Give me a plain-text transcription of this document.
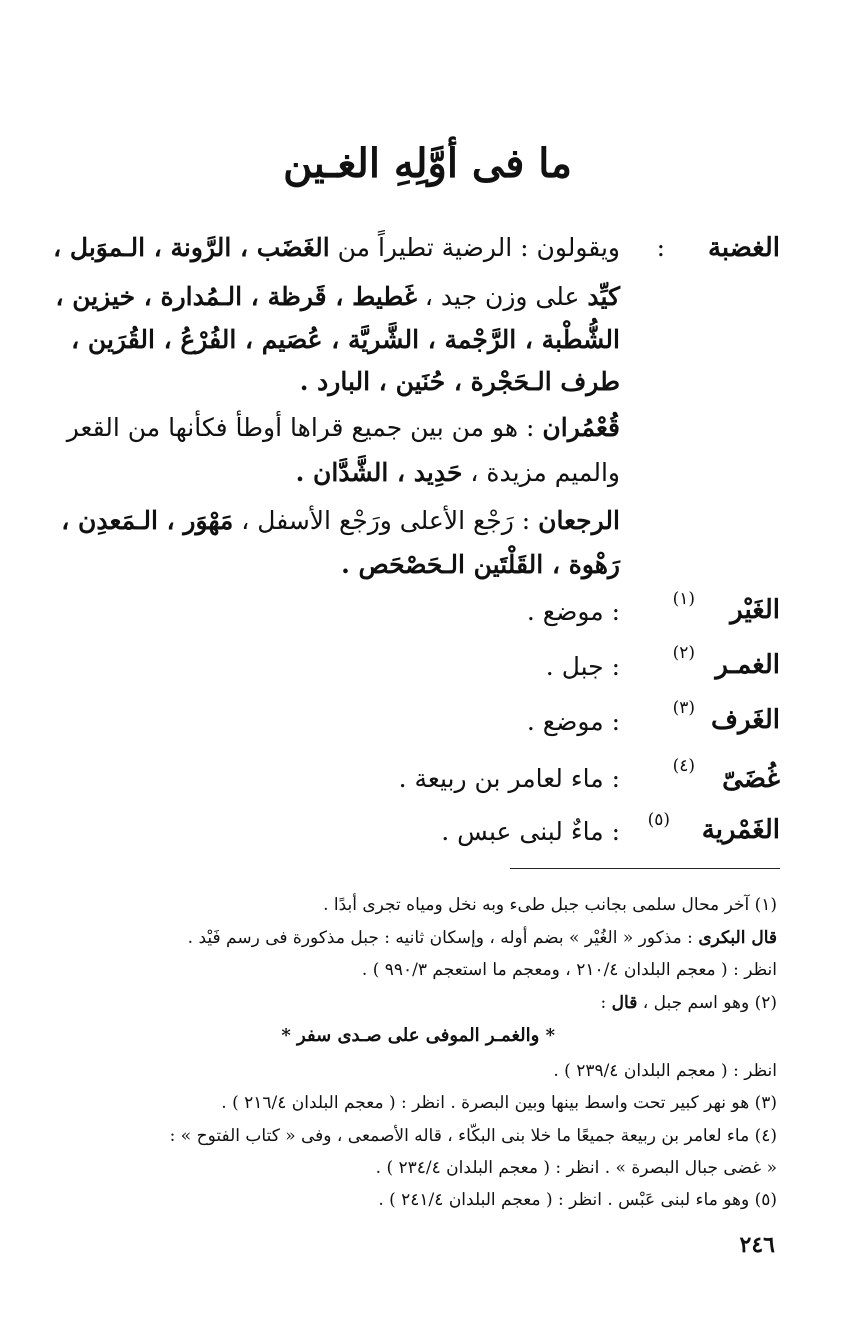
ما فى أوَّلِهِ الغـين
الغضبة
:
ويقولون : الرضية تطيراً من الغَضَب ، الرَّونة ، الـموَبل ،
كيِّد على وزن جيد ، غَطيط ، قَرظة ، الـمُدارة ، خيزين ،
الشُّطْبة ، الرَّجْمة ، الشَّريَّة ، عُصَيم ، الفُرْعُ ، القُرَين ،
طرف الـحَجْرة ، حُنَين ، البارد .
قُعْمُران : هو من بين جميع قراها أوطأ فكأنها من القعر
والميم مزيدة ، حَدِيد ، الشَّدَّان .
الرجعان : رَجْع الأعلى ورَجْع الأسفل ، مَهْوَر ، الـمَعدِن ،
رَهْوة ، القَلْتَين الـحَصْحَص .
الغَيْر
(١)
: موضع .
الغمـر
(٢)
: جبل .
الغَرف
(٣)
: موضع .
غُضَىّ
(٤)
: ماء لعامر بن ربيعة .
الغَمْرية
(٥)
: ماءٌ لبنى عبس .
(١) آخر محال سلمى بجانب جبل طىء وبه نخل ومياه تجرى أبدًا .
قال البكرى : مذكور « الغُيْر » بضم أوله ، وإسكان ثانيه : جبل مذكورة فى رسم فَيْد .
انظر : ( معجم البلدان ٢١٠/٤ ، ومعجم ما استعجم ٩٩٠/٣ ) .
(٢) وهو اسم جبل ، قال :
* والغمـر الموفى على صـدى سفر *
انظر : ( معجم البلدان ٢٣٩/٤ ) .
(٣) هو نهر كبير تحت واسط بينها وبين البصرة . انظر : ( معجم البلدان ٢١٦/٤ ) .
(٤) ماء لعامر بن ربيعة جميعًا ما خلا بنى البكّاء ، قاله الأصمعى ، وفى « كتاب الفتوح » :
« غضى جبال البصرة » . انظر : ( معجم البلدان ٢٣٤/٤ ) .
(٥) وهو ماء لبنى عَبْس . انظر : ( معجم البلدان ٢٤١/٤ ) .
٢٤٦
